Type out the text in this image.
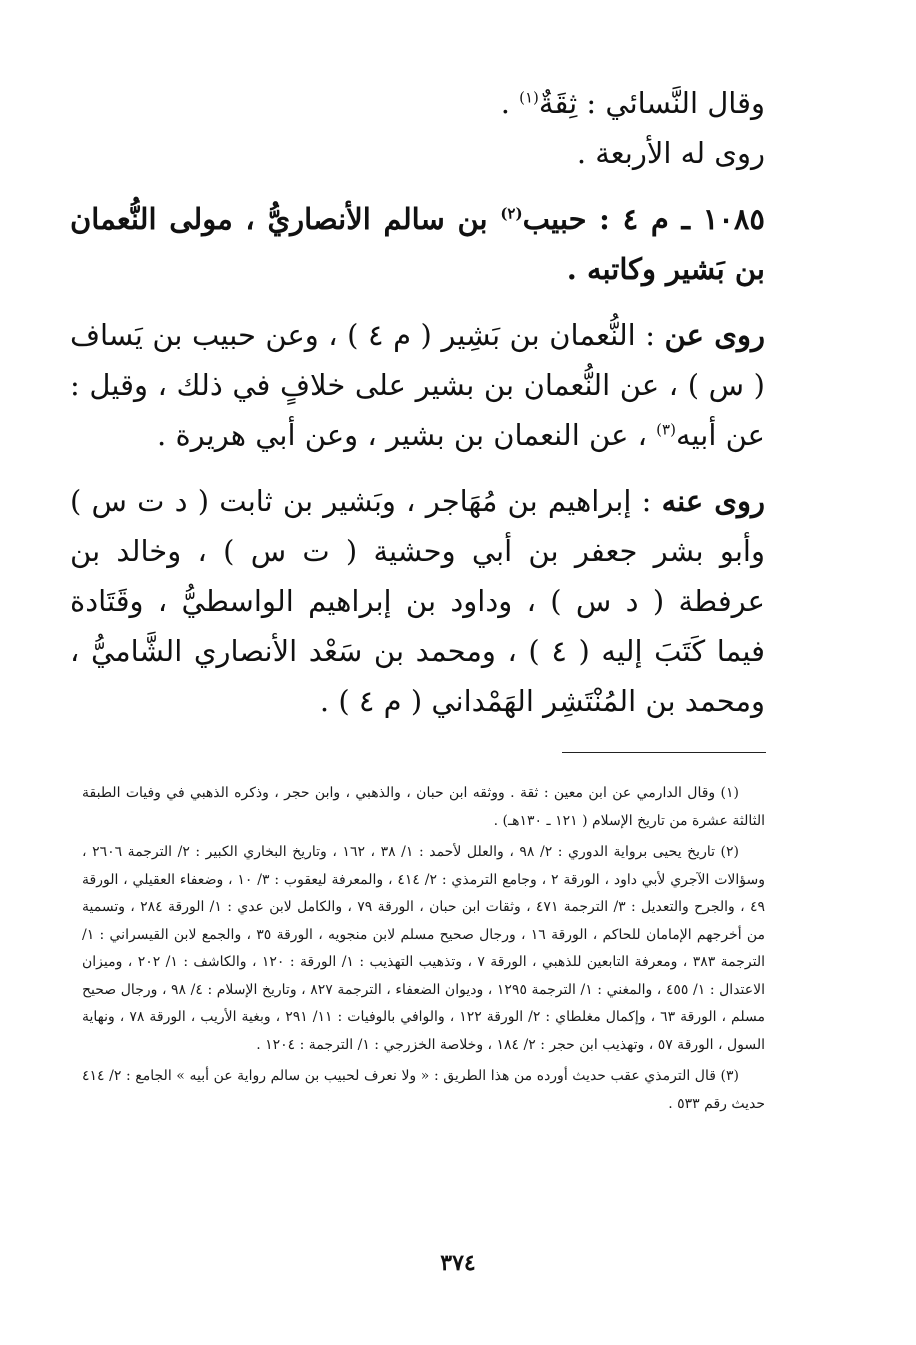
وقال النَّسائي : ثِقَةٌ$^{(١)}$ .

روى له الأربعة .

١٠٨٥ ـ م ٤ : حبيب$^{(٢)}$ بن سالم الأنصاريُّ ، مولى النُّعمان بن بَشير وكاتبه .

روى عن : النُّعمان بن بَشِير ( م ٤ ) ، وعن حبيب بن يَساف ( س ) ، عن النُّعمان بن بشير على خلافٍ في ذلك ، وقيل : عن أبيه$^{(٣)}$ ، عن النعمان بن بشير ، وعن أبي هريرة .

روى عنه : إبراهيم بن مُهَاجر ، وبَشير بن ثابت ( د ت س ) وأبو بشر جعفر بن أبي وحشية ( ت س ) ، وخالد بن عرفطة ( د س ) ، وداود بن إبراهيم الواسطيُّ ، وقَتَادة فيما كَتَبَ إليه ( ٤ ) ، ومحمد بن سَعْد الأنصاري الشَّاميُّ ، ومحمد بن المُنْتَشِر الهَمْداني ( م ٤ ) .

(١) وقال الدارمي عن ابن معين : ثقة . ووثقه ابن حبان ، والذهبي ، وابن حجر ، وذكره الذهبي في وفيات الطبقة الثالثة عشرة من تاريخ الإسلام ( ١٢١ ـ ١٣٠هـ) .

(٢) تاريخ يحيى برواية الدوري : ٢/ ٩٨ ، والعلل لأحمد : ١/ ٣٨ ، ١٦٢ ، وتاريخ البخاري الكبير : ٢/ الترجمة ٢٦٠٦ ، وسؤالات الآجري لأبي داود ، الورقة ٢ ، وجامع الترمذي : ٢/ ٤١٤ ، والمعرفة ليعقوب : ٣/ ١٠ ، وضعفاء العقيلي ، الورقة ٤٩ ، والجرح والتعديل : ٣/ الترجمة ٤٧١ ، وثقات ابن حبان ، الورقة ٧٩ ، والكامل لابن عدي : ١/ الورقة ٢٨٤ ، وتسمية من أخرجهم الإمامان للحاكم ، الورقة ١٦ ، ورجال صحيح مسلم لابن منجويه ، الورقة ٣٥ ، والجمع لابن القيسراني : ١/ الترجمة ٣٨٣ ، ومعرفة التابعين للذهبي ، الورقة ٧ ، وتذهيب التهذيب : ١/ الورقة : ١٢٠ ، والكاشف : ١/ ٢٠٢ ، وميزان الاعتدال : ١/ ٤٥٥ ، والمغني : ١/ الترجمة ١٢٩٥ ، وديوان الضعفاء ، الترجمة ٨٢٧ ، وتاريخ الإسلام : ٤/ ٩٨ ، ورجال صحيح مسلم ، الورقة ٦٣ ، وإكمال مغلطاي : ٢/ الورقة ١٢٢ ، والوافي بالوفيات : ١١/ ٢٩١ ، وبغية الأريب ، الورقة ٧٨ ، ونهاية السول ، الورقة ٥٧ ، وتهذيب ابن حجر : ٢/ ١٨٤ ، وخلاصة الخزرجي : ١/ الترجمة : ١٢٠٤ .

(٣) قال الترمذي عقب حديث أورده من هذا الطريق : « ولا نعرف لحبيب بن سالم رواية عن أبيه » الجامع : ٢/ ٤١٤ حديث رقم ٥٣٣ .

٣٧٤
